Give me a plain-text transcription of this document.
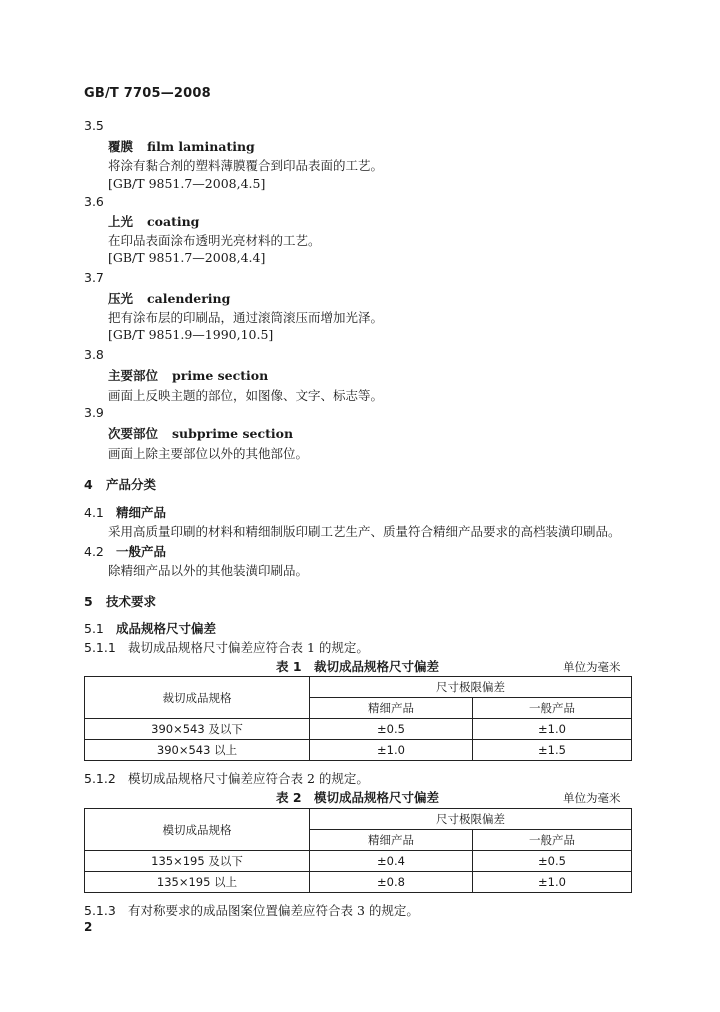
GB/T 7705—2008
3.5
覆膜 film laminating
将涂有黏合剂的塑料薄膜覆合到印品表面的工艺。
[GB/T 9851.7—2008,4.5]
3.6
上光 coating
在印品表面涂布透明光亮材料的工艺。
[GB/T 9851.7—2008,4.4]
3.7
压光 calendering
把有涂布层的印刷品，通过滚筒滚压而增加光泽。
[GB/T 9851.9—1990,10.5]
3.8
主要部位 prime section
画面上反映主题的部位，如图像、文字、标志等。
3.9
次要部位 subprime section
画面上除主要部位以外的其他部位。
4 产品分类
4.1 精细产品
采用高质量印刷的材料和精细制版印刷工艺生产、质量符合精细产品要求的高档装潢印刷品。
4.2 一般产品
除精细产品以外的其他装潢印刷品。
5 技术要求
5.1 成品规格尺寸偏差
5.1.1 裁切成品规格尺寸偏差应符合表 1 的规定。
表 1　裁切成品规格尺寸偏差	单位为毫米
裁切成品规格	尺寸极限偏差	
	精细产品	一般产品
390×543 及以下	±0.5	±1.0
390×543 以上	±1.0	±1.5
5.1.2 模切成品规格尺寸偏差应符合表 2 的规定。
表 2　模切成品规格尺寸偏差	单位为毫米
模切成品规格	尺寸极限偏差	
	精细产品	一般产品
135×195 及以下	±0.4	±0.5
135×195 以上	±0.8	±1.0
5.1.3 有对称要求的成品图案位置偏差应符合表 3 的规定。
2
